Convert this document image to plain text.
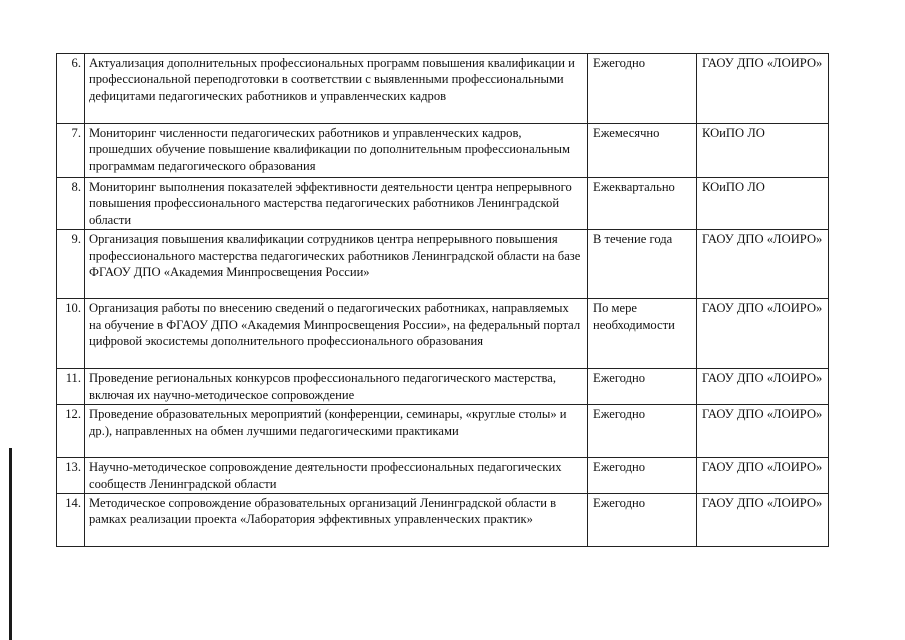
6.	Актуализация дополнительных профессиональных программ повышения квалификации и профессиональной переподготовки в соответствии с выявленными профессиональными дефицитами педагогических работников и управленческих кадров	Ежегодно	ГАОУ ДПО «ЛОИРО»
7.	Мониторинг численности педагогических работников и управленческих кадров, прошедших обучение повышение квалификации по дополнительным профессиональным программам педагогического образования	Ежемесячно	КОиПО ЛО
8.	Мониторинг выполнения показателей эффективности деятельности центра непрерывного повышения профессионального мастерства педагогических работников Ленинградской области	Ежеквартально	КОиПО ЛО
9.	Организация повышения квалификации сотрудников центра непрерывного повышения профессионального мастерства педагогических работников Ленинградской области на базе ФГАОУ ДПО «Академия Минпросвещения России»	В течение года	ГАОУ ДПО «ЛОИРО»
10.	Организация работы по внесению сведений о педагогических работниках, направляемых на обучение в ФГАОУ ДПО «Академия Минпросвещения России», на федеральный портал цифровой экосистемы дополнительного профессионального образования	По мере необходимости	ГАОУ ДПО «ЛОИРО»
11.	Проведение региональных конкурсов профессионального педагогического мастерства, включая их научно-методическое сопровождение	Ежегодно	ГАОУ ДПО «ЛОИРО»
12.	Проведение образовательных мероприятий (конференции, семинары, «круглые столы» и др.), направленных на обмен лучшими педагогическими практиками	Ежегодно	ГАОУ ДПО «ЛОИРО»
13.	Научно-методическое сопровождение деятельности профессиональных педагогических сообществ Ленинградской области	Ежегодно	ГАОУ ДПО «ЛОИРО»
14.	Методическое сопровождение образовательных организаций Ленинградской области в рамках реализации проекта «Лаборатория эффективных управленческих практик»	Ежегодно	ГАОУ ДПО «ЛОИРО»
